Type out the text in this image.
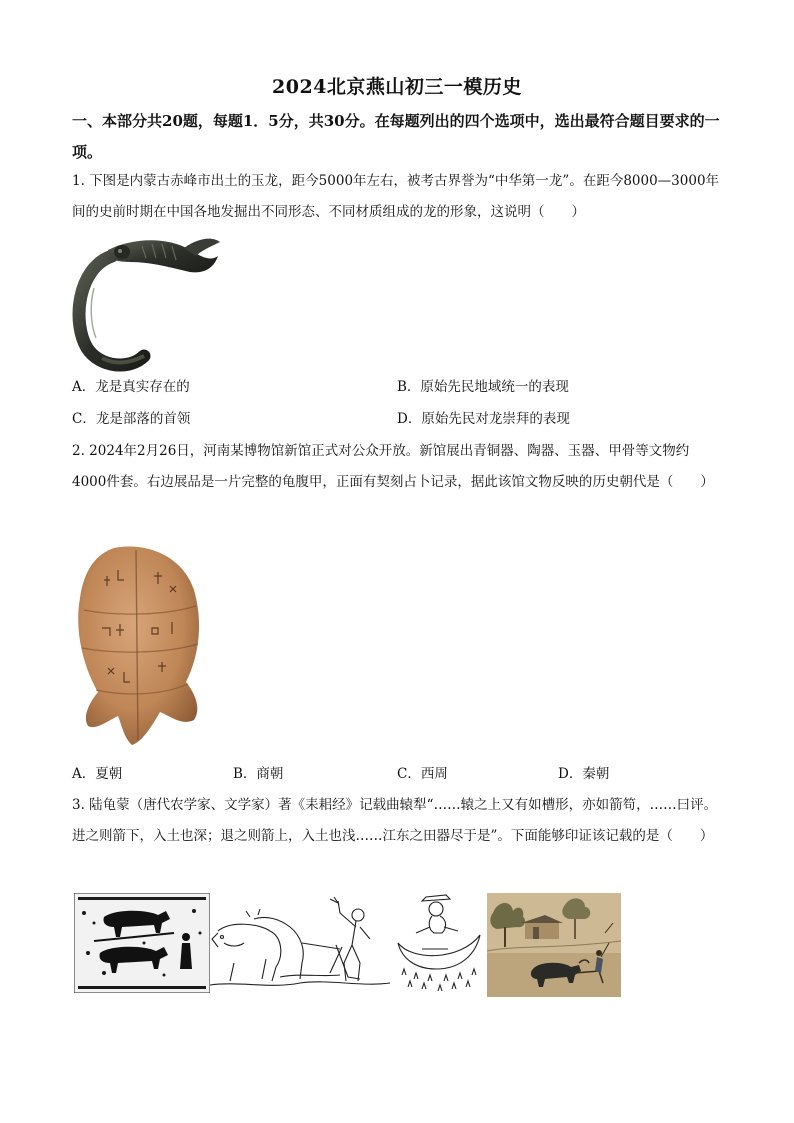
2024北京燕山初三一模历史
一、本部分共20题，每题1．5分，共30分。在每题列出的四个选项中，选出最符合题目要求的一项。
1. 下图是内蒙古赤峰市出土的玉龙，距今5000年左右，被考古界誉为“中华第一龙”。在距今8000—3000年间的史前时期在中国各地发掘出不同形态、不同材质组成的龙的形象，这说明（　　）
A．龙是真实存在的	B．原始先民地域统一的表现
C．龙是部落的首领	D．原始先民对龙崇拜的表现
2. 2024年2月26日，河南某博物馆新馆正式对公众开放。新馆展出青铜器、陶器、玉器、甲骨等文物约4000件套。右边展品是一片完整的龟腹甲，正面有契刻占卜记录，据此该馆文物反映的历史朝代是（　　）
A．夏朝	B．商朝	C．西周	D．秦朝
3. 陆龟蒙（唐代农学家、文学家）著《耒耜经》记载曲辕犁“……辕之上又有如槽形，亦如箭笱，……曰评。进之则箭下，入土也深；退之则箭上，入土也浅……江东之田器尽于是”。下面能够印证该记载的是（　　）
